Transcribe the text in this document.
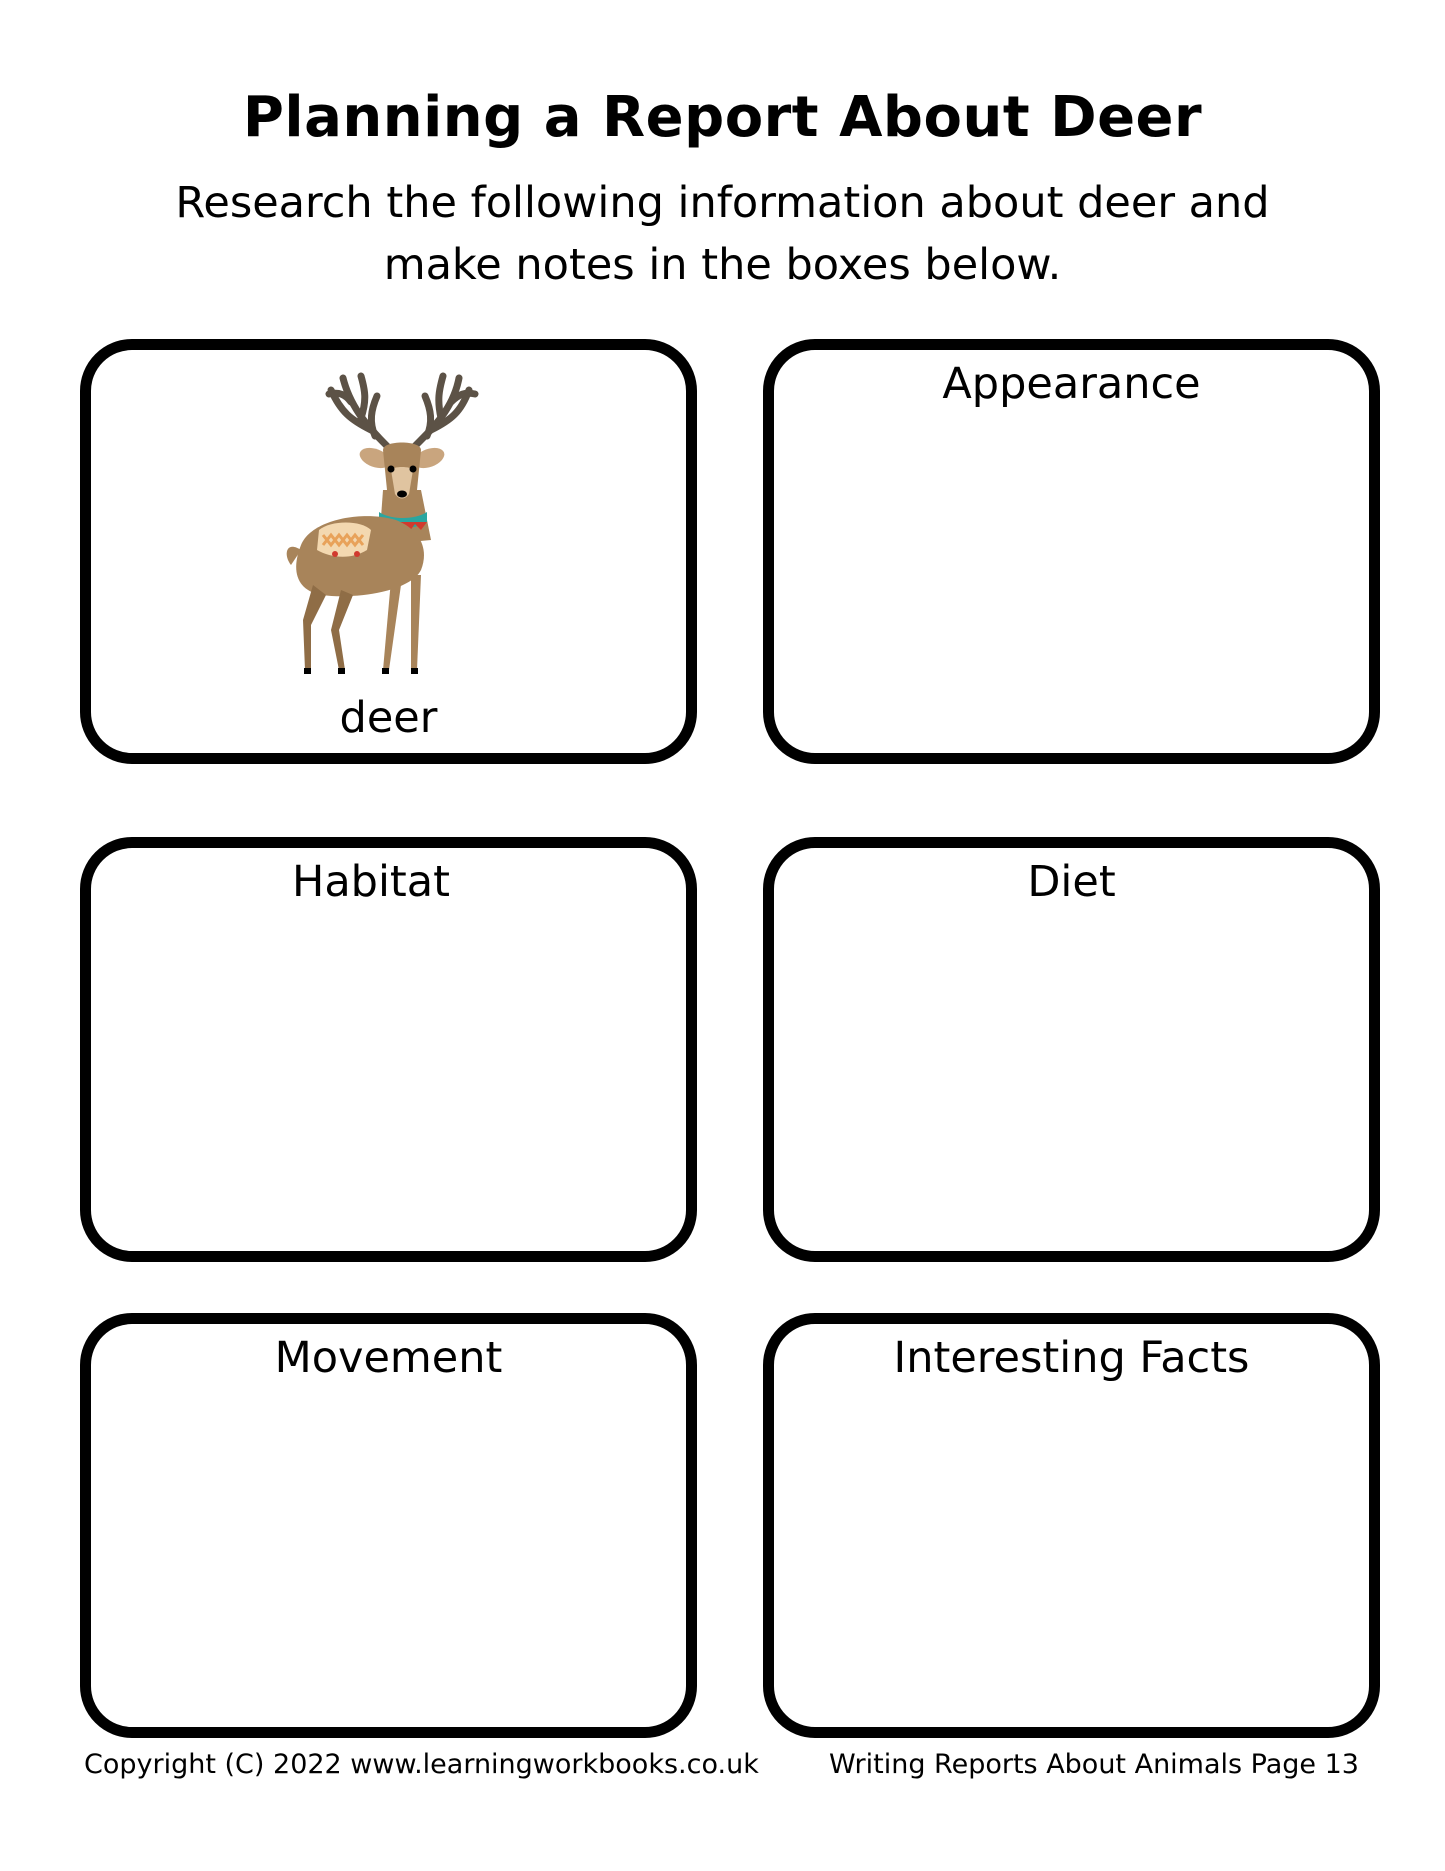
Planning a Report About Deer

Research the following information about deer and make notes in the boxes below.

deer
Appearance
Habitat	Diet
Movement	Interesting Facts
Copyright (C) 2022 www.learningworkbooks.co.uk	Writing Reports About Animals Page 13
